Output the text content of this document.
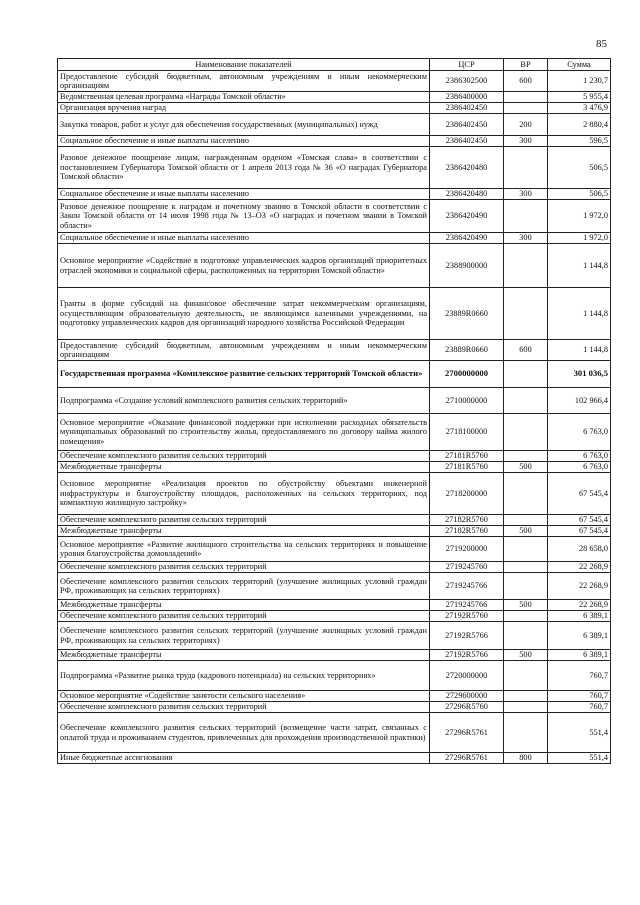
85
Наименование показателей	ЦСР	ВР	Сумма
Предоставление субсидий бюджетным, автономным учреждениям и иным некоммерческим организациям	2386302500	600	1 230,7
Ведомственная целевая программа «Награды Томской области»	2386400000		5 955,4
Организация вручения наград	2386402450		3 476,9
Закупка товаров, работ и услуг для обеспечения государственных (муниципальных) нужд	2386402450	200	2 880,4
Социальное обеспечение и иные выплаты населению	2386402450	300	596,5
Разовое денежное поощрение лицам, награжденным орденом «Томская слава» в соответствии с постановлением Губернатора Томской области от 1 апреля 2013 года № 36 «О наградах Губернатора Томской области»	2386420480		506,5
Социальное обеспечение и иные выплаты населению	2386420480	300	506,5
Разовое денежное поощрение к наградам и почетному званию в Томской области в соответствии с Закон Томской области от 14 июля 1998 года № 13–ОЗ «О наградах и почетном звании в Томской области»	2386420490		1 972,0
Социальное обеспечение и иные выплаты населению	2386420490	300	1 972,0
Основное мероприятие «Содействие в подготовке управленческих кадров организаций приоритетных отраслей экономики и социальной сферы, расположенных на территории Томской области»	2388900000		1 144,8
Гранты в форме субсидий на финансовое обеспечение затрат некоммерческим организациям, осуществляющим образовательную деятельность, не являющимся казенными учреждениями, на подготовку управленческих кадров для организаций народного хозяйства Российской Федерации	23889R0660		1 144,8
Предоставление субсидий бюджетным, автономным учреждениям и иным некоммерческим организациям	23889R0660	600	1 144,8
Государственная программа «Комплексное развитие сельских территорий Томской области»	2700000000		301 036,5
Подпрограмма «Создание условий комплексного развития сельских территорий»	2710000000		102 966,4
Основное мероприятие «Оказание финансовой поддержки при исполнении расходных обязательств муниципальных образований по строительству жилья, предоставляемого по договору найма жилого помещения»	2718100000		6 763,0
Обеспечение комплексного развития сельских территорий	27181R5760		6 763,0
Межбюджетные трансферты	27181R5760	500	6 763,0
Основное мероприятие «Реализация проектов по обустройству объектами инженерной инфраструктуры и благоустройству площадок, расположенных на сельских территориях, под компактную жилищную застройку»	2718200000		67 545,4
Обеспечение комплексного развития сельских территорий	27182R5760		67 545,4
Межбюджетные трансферты	27182R5760	500	67 545,4
Основное мероприятие «Развитие жилищного строительства на сельских территориях и повышение уровня благоустройства домовладений»	2719200000		28 658,0
Обеспечение комплексного развития сельских территорий	2719245760		22 268,9
Обеспечение комплексного развития сельских территорий (улучшение жилищных условий граждан РФ, проживающих на сельских территориях)	2719245766		22 268,9
Межбюджетные трансферты	2719245766	500	22 268,9
Обеспечение комплексного развития сельских территорий	27192R5760		6 389,1
Обеспечение комплексного развития сельских территорий (улучшение жилищных условий граждан РФ, проживающих на сельских территориях)	27192R5766		6 389,1
Межбюджетные трансферты	27192R5766	500	6 389,1
Подпрограмма «Развитие рынка труда (кадрового потенциала) на сельских территориях»	2720000000		760,7
Основное мероприятие «Содействие занятости сельского населения»	2729600000		760,7
Обеспечение комплексного развития сельских территорий	27296R5760		760,7
Обеспечение комплексного развития сельских территорий (возмещение части затрат, связанных с оплатой труда и проживанием студентов, привлеченных для прохождения производственной практики)	27296R5761		551,4
Иные бюджетные ассигнования	27296R5761	800	551,4
